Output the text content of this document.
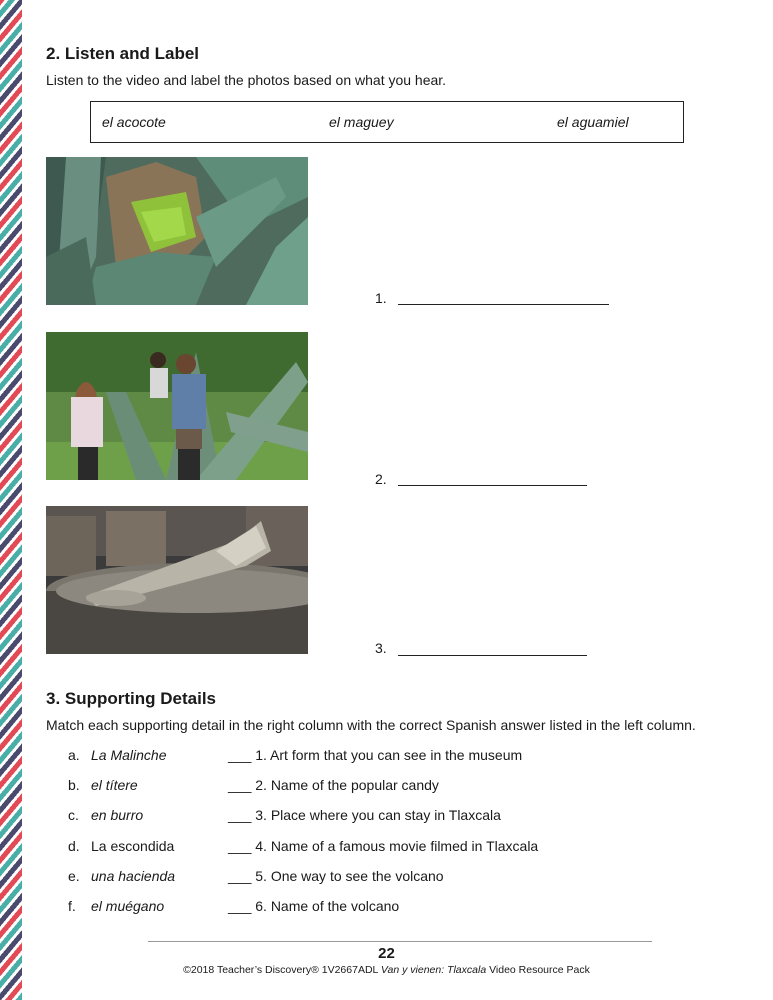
2. Listen and Label
Listen to the video and label the photos based on what you hear.
el acocote	el maguey	el aguamiel
1.
2.
3.
3. Supporting Details
Match each supporting detail in the right column with the correct Spanish answer listed in the left column.
a. La Malinche	___ 1. Art form that you can see in the museum
b. el títere	___ 2. Name of the popular candy
c. en burro	___ 3. Place where you can stay in Tlaxcala
d. La escondida	___ 4. Name of a famous movie filmed in Tlaxcala
e. una hacienda	___ 5. One way to see the volcano
f. el muégano	___ 6. Name of the volcano
22
©2018 Teacher’s Discovery® 1V2667ADL Van y vienen: Tlaxcala Video Resource Pack
